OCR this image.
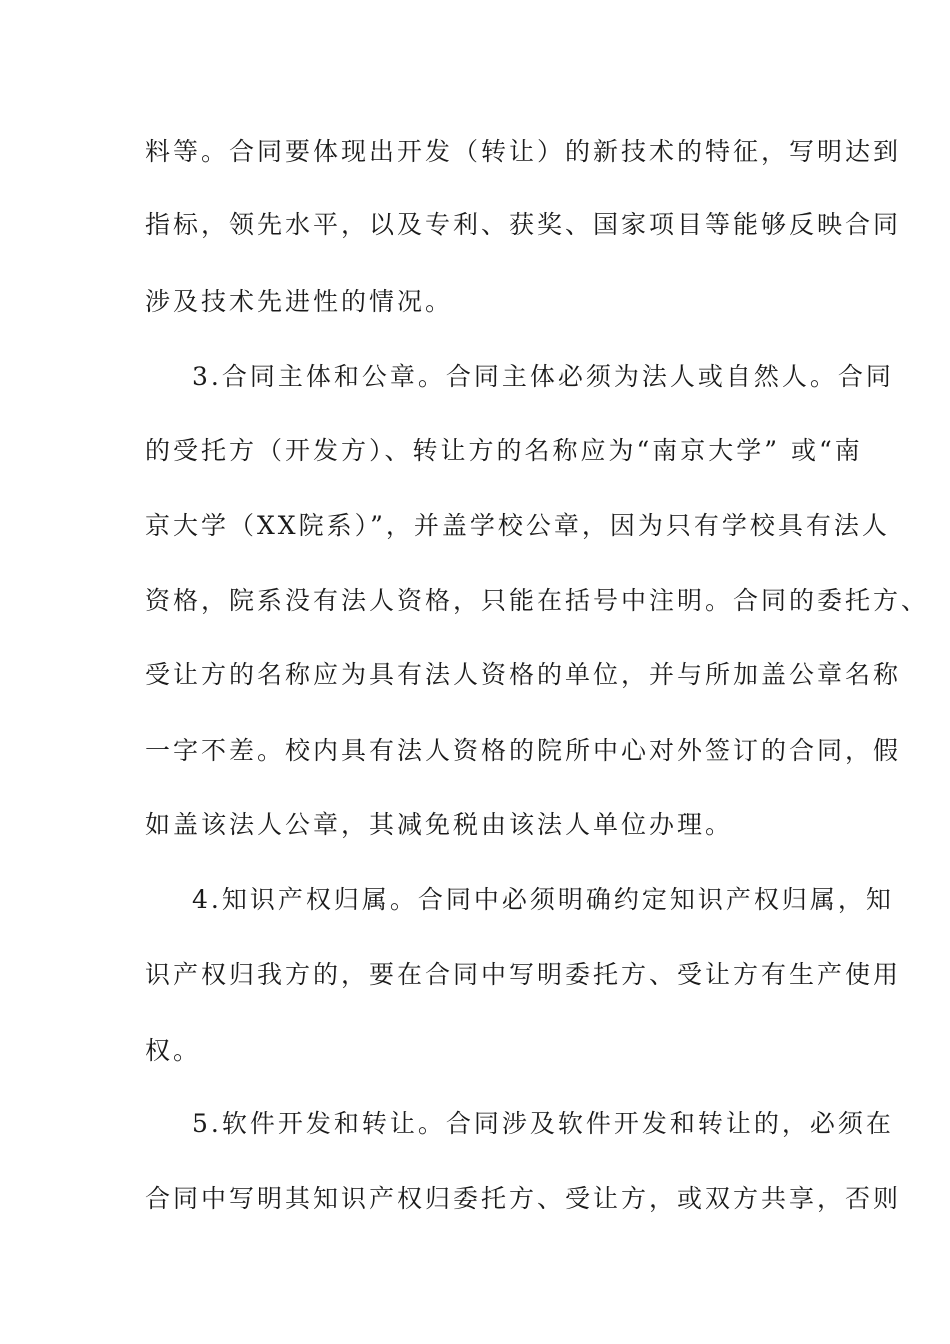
料等。合同要体现出开发（转让）的新技术的特征，写明达到

指标，领先水平，以及专利、获奖、国家项目等能够反映合同

涉及技术先进性的情况。

3.合同主体和公章。合同主体必须为法人或自然人。合同

的受托方（开发方）、转让方的名称应为“南京大学” 或“南

京大学（XX院系）”，并盖学校公章，因为只有学校具有法人

资格，院系没有法人资格，只能在括号中注明。合同的委托方、

受让方的名称应为具有法人资格的单位，并与所加盖公章名称

一字不差。校内具有法人资格的院所中心对外签订的合同，假

如盖该法人公章，其减免税由该法人单位办理。

4.知识产权归属。合同中必须明确约定知识产权归属，知

识产权归我方的，要在合同中写明委托方、受让方有生产使用

权。

5.软件开发和转让。合同涉及软件开发和转让的，必须在

合同中写明其知识产权归委托方、受让方，或双方共享，否则
